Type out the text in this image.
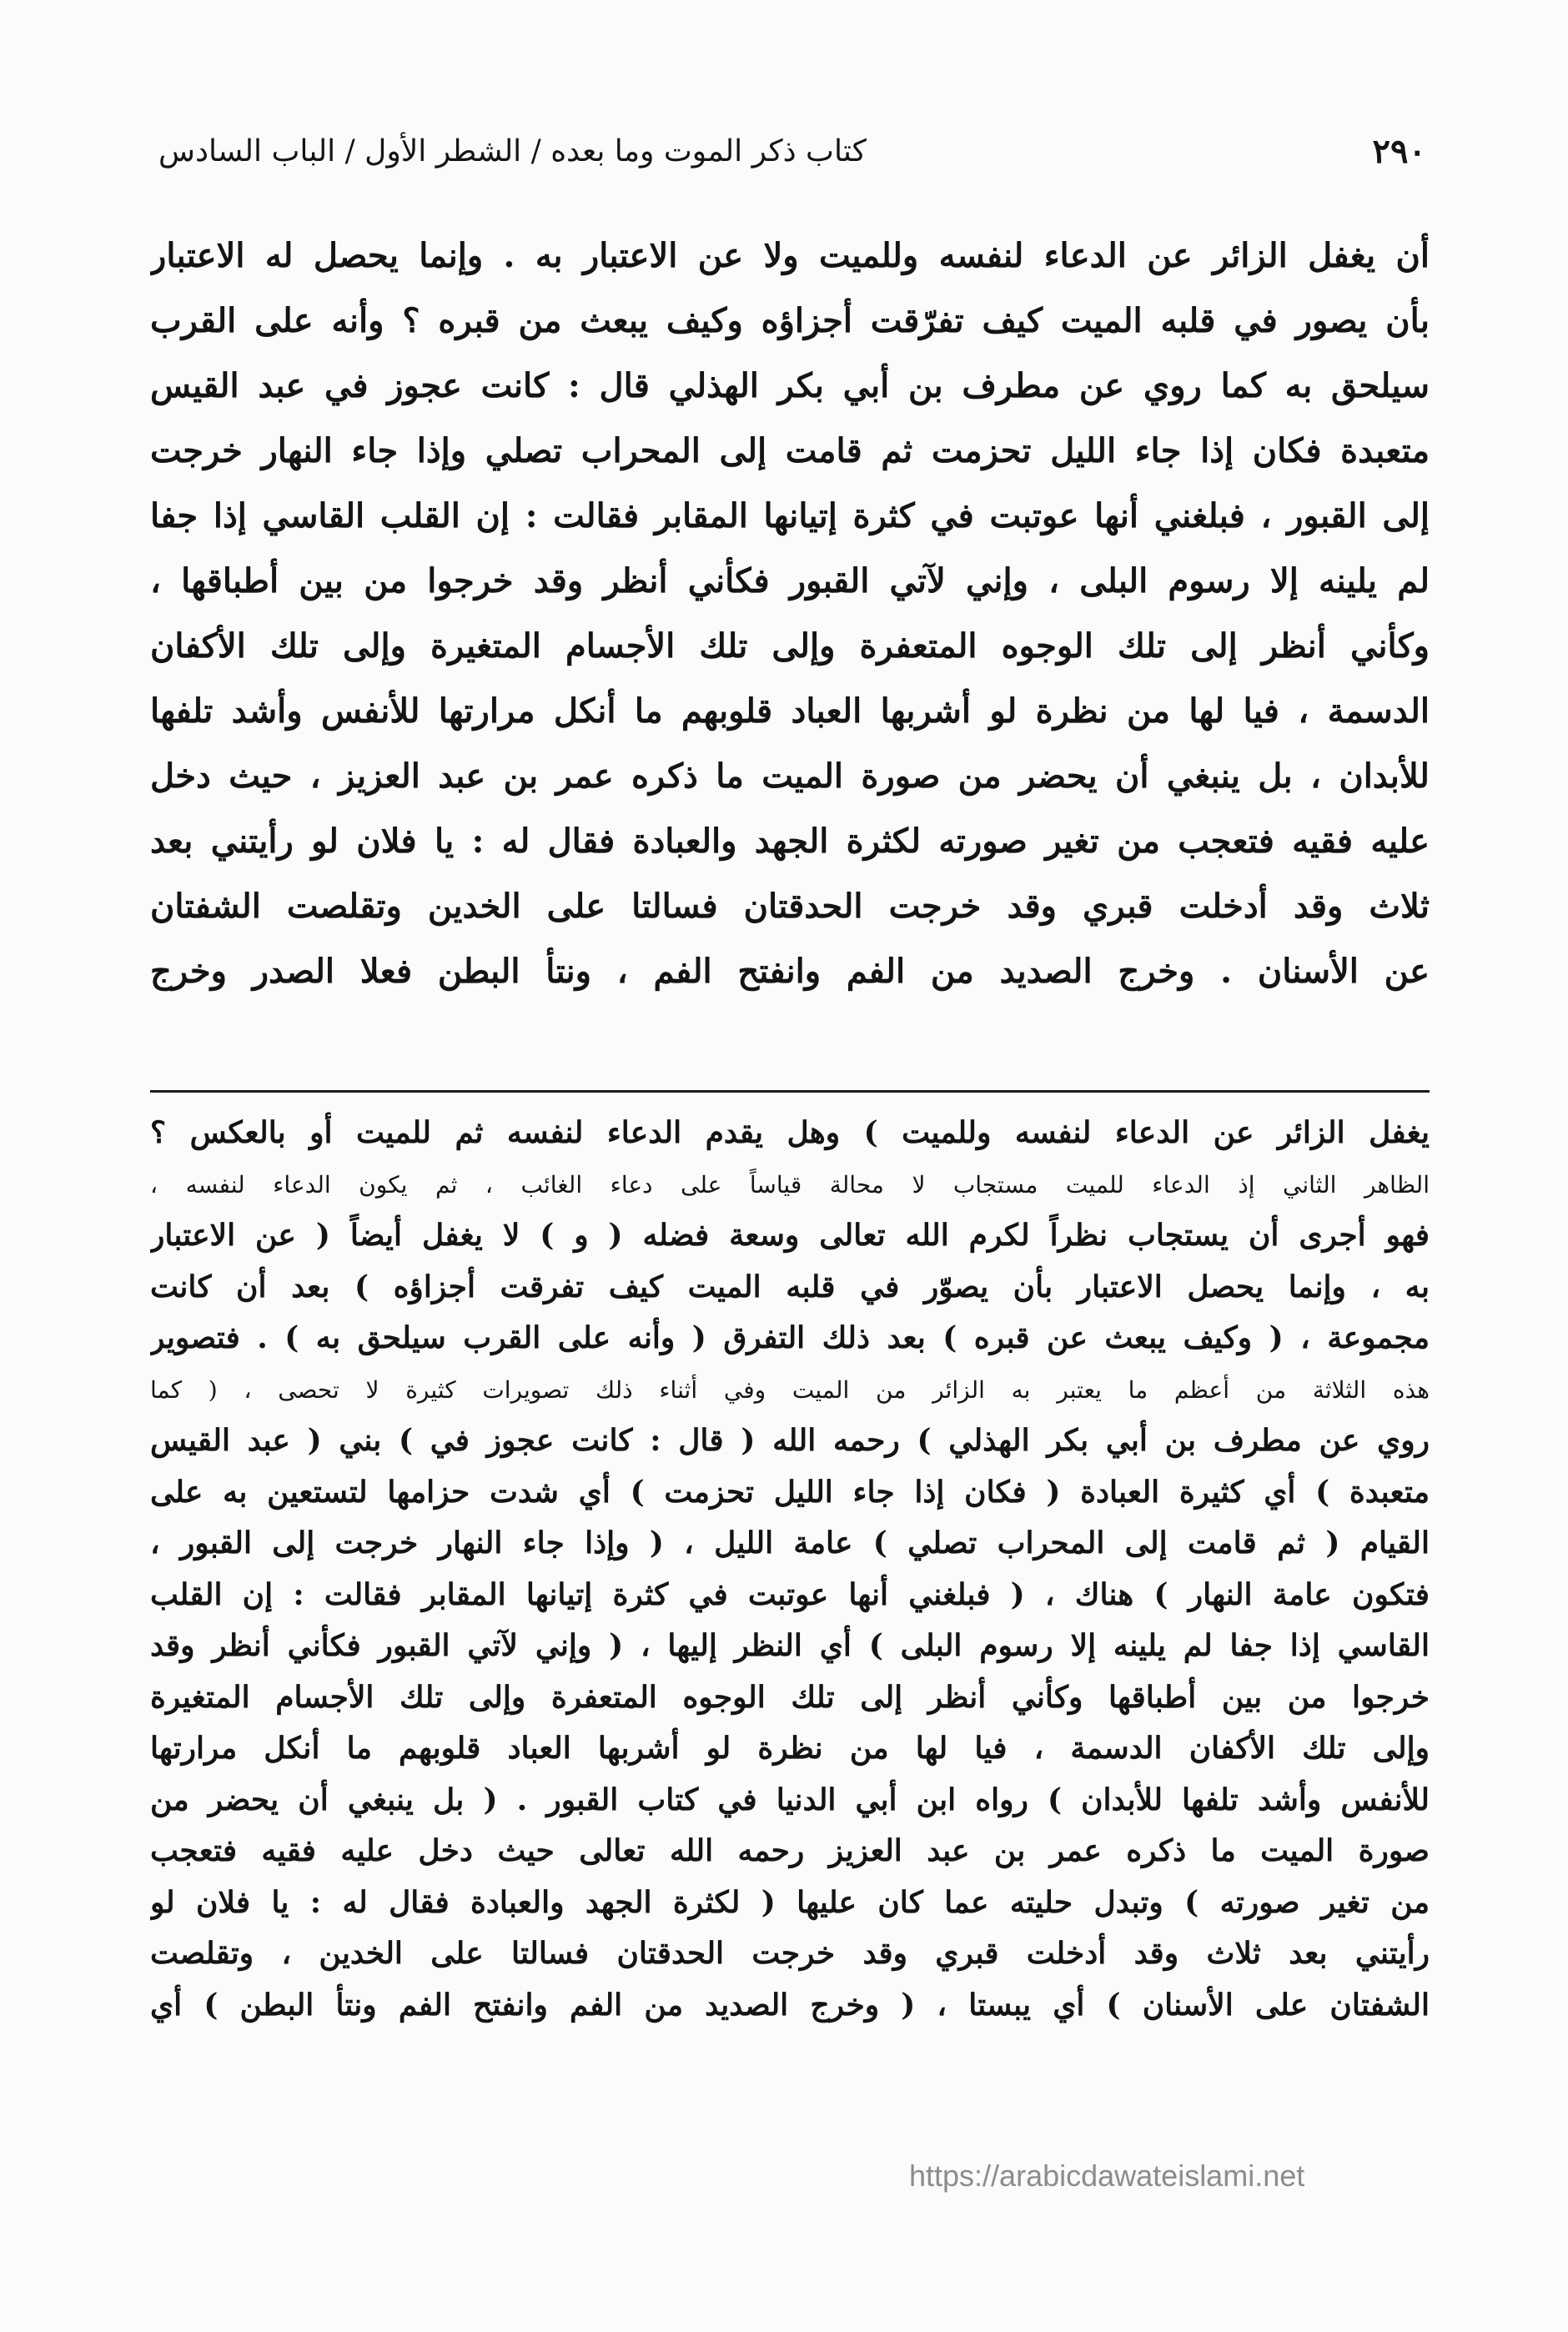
٢٩٠
كتاب ذكر الموت وما بعده / الشطر الأول / الباب السادس
أن يغفل الزائر عن الدعاء لنفسه وللميت ولا عن الاعتبار به . وإنما يحصل له الاعتبار
بأن يصور في قلبه الميت كيف تفرّقت أجزاؤه وكيف يبعث من قبره ؟ وأنه على القرب
سيلحق به كما روي عن مطرف بن أبي بكر الهذلي قال : كانت عجوز في عبد القيس
متعبدة فكان إذا جاء الليل تحزمت ثم قامت إلى المحراب تصلي وإذا جاء النهار خرجت
إلى القبور ، فبلغني أنها عوتبت في كثرة إتيانها المقابر فقالت : إن القلب القاسي إذا جفا
لم يلينه إلا رسوم البلى ، وإني لآتي القبور فكأني أنظر وقد خرجوا من بين أطباقها ،
وكأني أنظر إلى تلك الوجوه المتعفرة وإلى تلك الأجسام المتغيرة وإلى تلك الأكفان
الدسمة ، فيا لها من نظرة لو أشربها العباد قلوبهم ما أنكل مرارتها للأنفس وأشد تلفها
للأبدان ، بل ينبغي أن يحضر من صورة الميت ما ذكره عمر بن عبد العزيز ، حيث دخل
عليه فقيه فتعجب من تغير صورته لكثرة الجهد والعبادة فقال له : يا فلان لو رأيتني بعد
ثلاث وقد أدخلت قبري وقد خرجت الحدقتان فسالتا على الخدين وتقلصت الشفتان
عن الأسنان . وخرج الصديد من الفم وانفتح الفم ، ونتأ البطن فعلا الصدر وخرج
يغفل الزائر عن الدعاء لنفسه وللميت ) وهل يقدم الدعاء لنفسه ثم للميت أو بالعكس ؟
الظاهر الثاني إذ الدعاء للميت مستجاب لا محالة قياساً على دعاء الغائب ، ثم يكون الدعاء لنفسه ،
فهو أجرى أن يستجاب نظراً لكرم الله تعالى وسعة فضله ( و ) لا يغفل أيضاً ( عن الاعتبار
به ، وإنما يحصل الاعتبار بأن يصوّر في قلبه الميت كيف تفرقت أجزاؤه ) بعد أن كانت
مجموعة ، ( وكيف يبعث عن قبره ) بعد ذلك التفرق ( وأنه على القرب سيلحق به ) . فتصوير
هذه الثلاثة من أعظم ما يعتبر به الزائر من الميت وفي أثناء ذلك تصويرات كثيرة لا تحصى ، ( كما
روي عن مطرف بن أبي بكر الهذلي ) رحمه الله ( قال : كانت عجوز في ) بني ( عبد القيس
متعبدة ) أي كثيرة العبادة ( فكان إذا جاء الليل تحزمت ) أي شدت حزامها لتستعين به على
القيام ( ثم قامت إلى المحراب تصلي ) عامة الليل ، ( وإذا جاء النهار خرجت إلى القبور ،
فتكون عامة النهار ) هناك ، ( فبلغني أنها عوتبت في كثرة إتيانها المقابر فقالت : إن القلب
القاسي إذا جفا لم يلينه إلا رسوم البلى ) أي النظر إليها ، ( وإني لآتي القبور فكأني أنظر وقد
خرجوا من بين أطباقها وكأني أنظر إلى تلك الوجوه المتعفرة وإلى تلك الأجسام المتغيرة
وإلى تلك الأكفان الدسمة ، فيا لها من نظرة لو أشربها العباد قلوبهم ما أنكل مرارتها
للأنفس وأشد تلفها للأبدان ) رواه ابن أبي الدنيا في كتاب القبور . ( بل ينبغي أن يحضر من
صورة الميت ما ذكره عمر بن عبد العزيز رحمه الله تعالى حيث دخل عليه فقيه فتعجب
من تغير صورته ) وتبدل حليته عما كان عليها ( لكثرة الجهد والعبادة فقال له : يا فلان لو
رأيتني بعد ثلاث وقد أدخلت قبري وقد خرجت الحدقتان فسالتا على الخدين ، وتقلصت
الشفتان على الأسنان ) أي يبستا ، ( وخرج الصديد من الفم وانفتح الفم ونتأ البطن ) أي
https://arabicdawateislami.net
